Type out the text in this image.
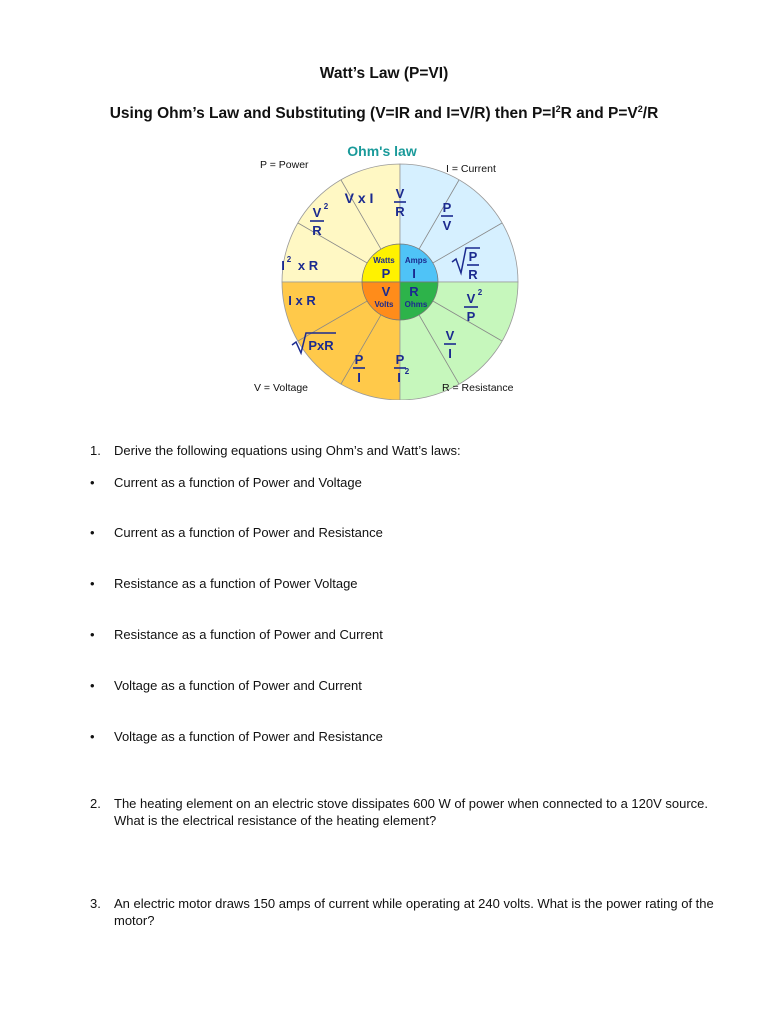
Watt’s Law (P=VI)
Using Ohm’s Law and Substituting (V=IR and I=V/R) then $P=I^2R$ and $P=V^2/R$
Ohm's law
P = Power	I = Current
V = Voltage	R = Resistance
Watts
P
Amps
I
V
Volts
R
Ohms
V x I V
R	P
V
P
R
V 2
P
V
I
P
I 2
P
I
PxR
I x R
I 2 x R
V 2
R
1.	Derive the following equations using Ohm’s and Watt’s laws:
• Current as a function of Power and Voltage
• Current as a function of Power and Resistance
• Resistance as a function of Power Voltage
• Resistance as a function of Power and Current
• Voltage as a function of Power and Current
• Voltage as a function of Power and Resistance
2.	The heating element on an electric stove dissipates 600 W of power when connected to a 120V source. What is the electrical resistance of the heating element?
3.	An electric motor draws 150 amps of current while operating at 240 volts. What is the power rating of the motor?
